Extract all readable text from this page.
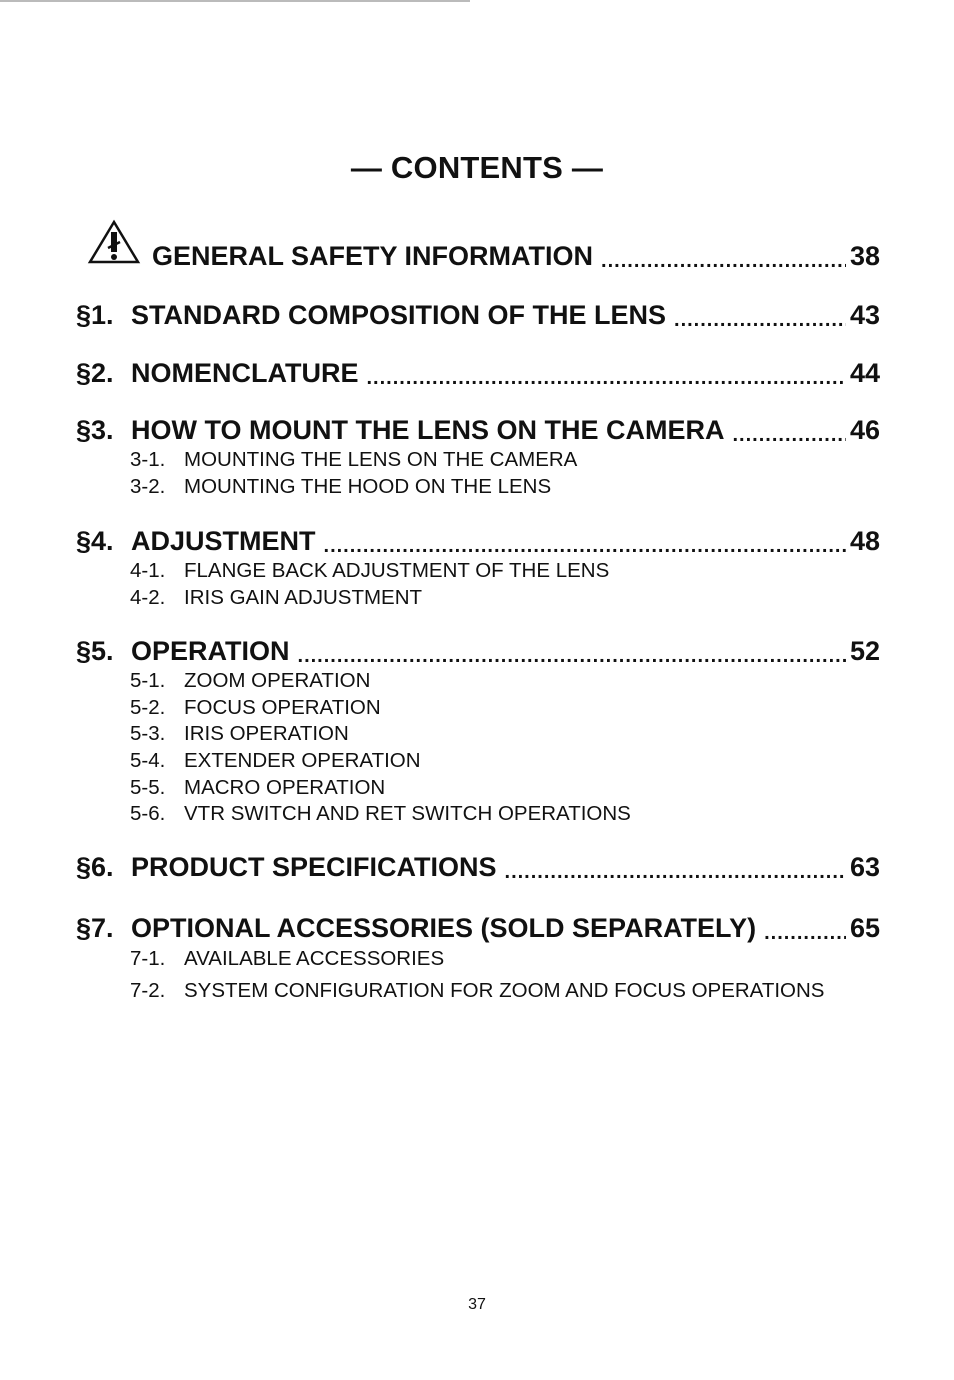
— CONTENTS —
GENERAL SAFETY INFORMATION .....	38
§1. STANDARD COMPOSITION OF THE LENS .....	43
§2. NOMENCLATURE .....	44
§3. HOW TO MOUNT THE LENS ON THE CAMERA .....	46
3-1. MOUNTING THE LENS ON THE CAMERA
3-2. MOUNTING THE HOOD ON THE LENS
§4. ADJUSTMENT .....	48
4-1. FLANGE BACK ADJUSTMENT OF THE LENS
4-2. IRIS GAIN ADJUSTMENT
§5. OPERATION .....	52
5-1. ZOOM OPERATION
5-2. FOCUS OPERATION
5-3. IRIS OPERATION
5-4. EXTENDER OPERATION
5-5. MACRO OPERATION
5-6. VTR SWITCH AND RET SWITCH OPERATIONS
§6. PRODUCT SPECIFICATIONS .....	63
§7. OPTIONAL ACCESSORIES (SOLD SEPARATELY) .....	65
7-1. AVAILABLE ACCESSORIES
7-2. SYSTEM CONFIGURATION FOR ZOOM AND FOCUS OPERATIONS
37
